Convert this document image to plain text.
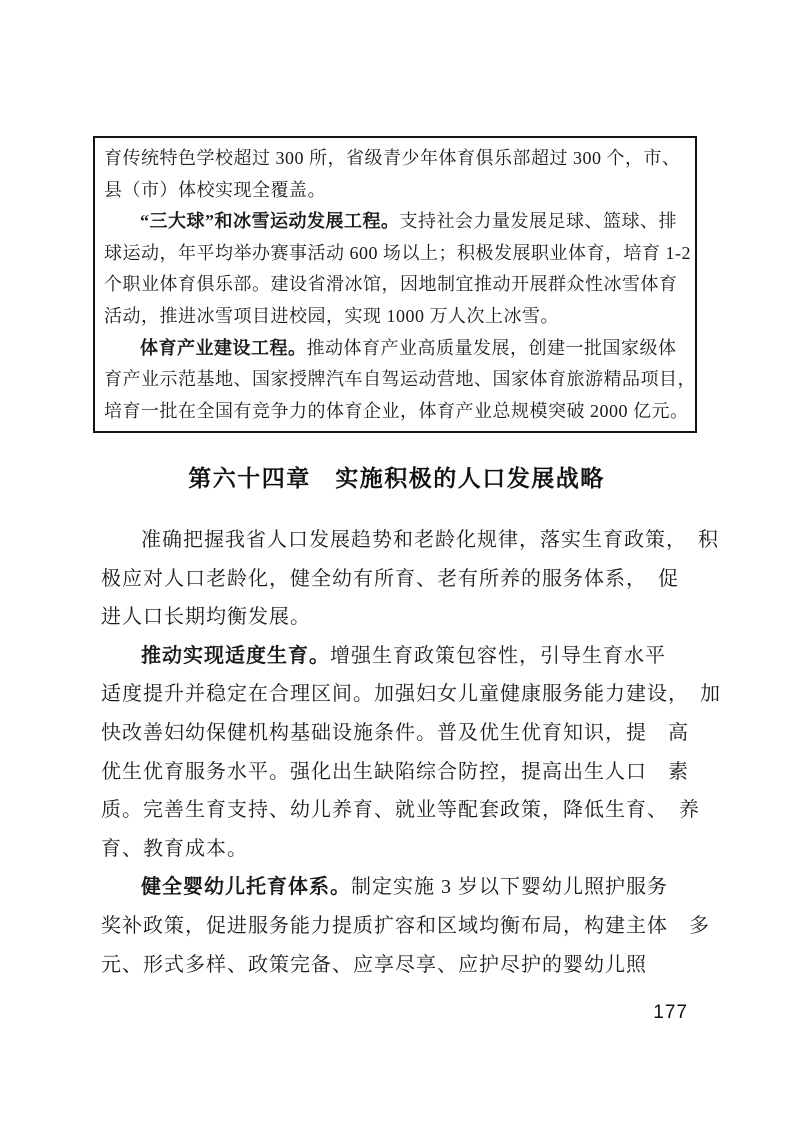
育传统特色学校超过 300 所，省级青少年体育俱乐部超过 300 个，市、
县（市）体校实现全覆盖。
“三大球”和冰雪运动发展工程。支持社会力量发展足球、篮球、排
球运动，年平均举办赛事活动 600 场以上；积极发展职业体育，培育 1-2
个职业体育俱乐部。建设省滑冰馆，因地制宜推动开展群众性冰雪体育
活动，推进冰雪项目进校园，实现 1000 万人次上冰雪。
体育产业建设工程。推动体育产业高质量发展，创建一批国家级体
育产业示范基地、国家授牌汽车自驾运动营地、国家体育旅游精品项目，
培育一批在全国有竞争力的体育企业，体育产业总规模突破 2000 亿元。
第六十四章　实施积极的人口发展战略
准确把握我省人口发展趋势和老龄化规律，落实生育政策，　积
极应对人口老龄化，健全幼有所育、老有所养的服务体系，　促
进人口长期均衡发展。
推动实现适度生育。增强生育政策包容性，引导生育水平
适度提升并稳定在合理区间。加强妇女儿童健康服务能力建设，　加
快改善妇幼保健机构基础设施条件。普及优生优育知识，提　高
优生优育服务水平。强化出生缺陷综合防控，提高出生人口　素
质。完善生育支持、幼儿养育、就业等配套政策，降低生育、　养
育、教育成本。
健全婴幼儿托育体系。制定实施 3 岁以下婴幼儿照护服务
奖补政策，促进服务能力提质扩容和区域均衡布局，构建主体　多
元、形式多样、政策完备、应享尽享、应护尽护的婴幼儿照
177
